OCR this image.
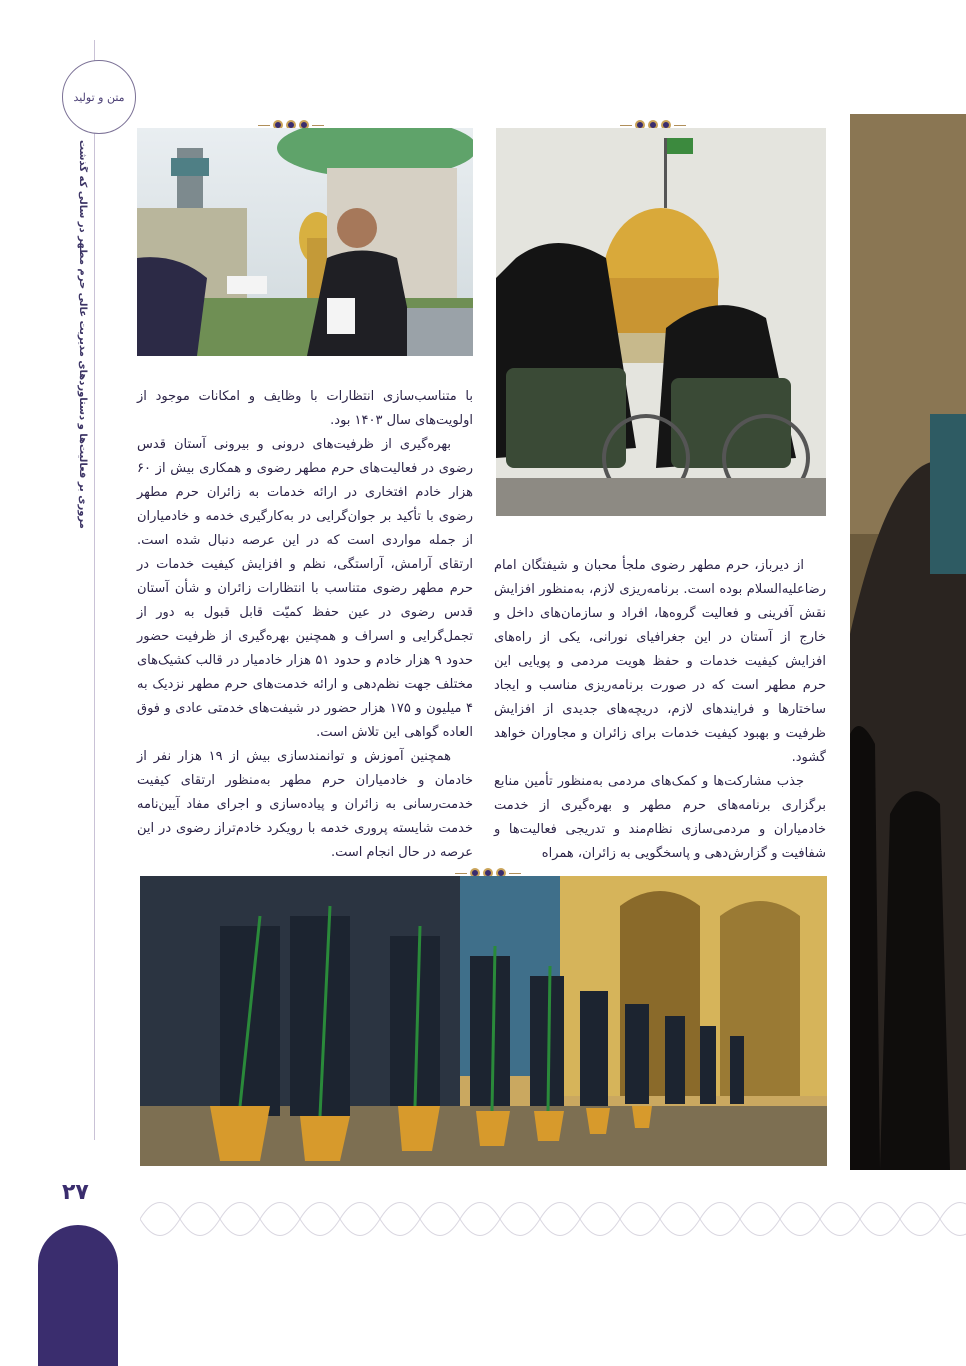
متن و تولید
مروری بر فعالیت‌ها و دستاوردهای مدیریت عالی حرم مطهر در سالی که گذشت
۲۷

از دیرباز، حرم مطهر رضوی ملجأ محبان و شیفتگان امام رضاعلیه‌السلام بوده است. برنامه‌ریزی لازم، به‌منظور افزایش نقش آفرینی و فعالیت گروه‌ها، افراد و سازمان‌های داخل و خارج از آستان در این جغرافیای نورانی، یکی از راه‌های افزایش کیفیت خدمات و حفظ هویت مردمی و پویایی این حرم مطهر است که در صورت برنامه‌ریزی مناسب و ایجاد ساختارها و فرایندهای لازم، دریچه‌های جدیدی از افزایش ظرفیت و بهبود کیفیت خدمات برای زائران و مجاوران خواهد گشود.

جذب مشارکت‌ها و کمک‌های مردمی به‌منظور تأمین منابع برگزاری برنامه‌های حرم مطهر و بهره‌گیری از خدمت خادمیاران و مردمی‌سازی نظام‌مند و تدریجی فعالیت‌ها و شفافیت و گزارش‌دهی و پاسخگویی به زائران، همراه

با متناسب‌سازی انتظارات با وظایف و امکانات موجود از اولویت‌های سال ۱۴۰۳ بود.

بهره‌گیری از ظرفیت‌های درونی و بیرونی آستان قدس رضوی در فعالیت‌های حرم مطهر رضوی و همکاری بیش از ۶۰ هزار خادم افتخاری در ارائه خدمات به زائران حرم مطهر رضوی با تأکید بر جوان‌گرایی در به‌کارگیری خدمه و خادمیاران از جمله مواردی است که در این عرصه دنبال شده است. ارتقای آرامش، آراستگی، نظم و افزایش کیفیت خدمات در حرم مطهر رضوی متناسب با انتظارات زائران و شأن آستان قدس رضوی در عین حفظ کمیّت قابل قبول به دور از تجمل‌گرایی و اسراف و همچنین بهره‌گیری از ظرفیت حضور حدود ۹ هزار خادم و حدود ۵۱ هزار خادمیار در قالب کشیک‌های مختلف جهت نظم‌دهی و ارائه خدمت‌های حرم مطهر نزدیک به ۴ میلیون و ۱۷۵ هزار حضور در شیفت‌های خدمتی عادی و فوق العاده گواهی این تلاش است.

همچنین آموزش و توانمندسازی بیش از ۱۹ هزار نفر از خادمان و خادمیاران حرم مطهر به‌منظور ارتقای کیفیت خدمت‌رسانی به زائران و پیاده‌سازی و اجرای مفاد آیین‌نامه خدمت شایسته پروری خدمه با رویکرد خادم‌تراز رضوی در این عرصه در حال انجام است.
